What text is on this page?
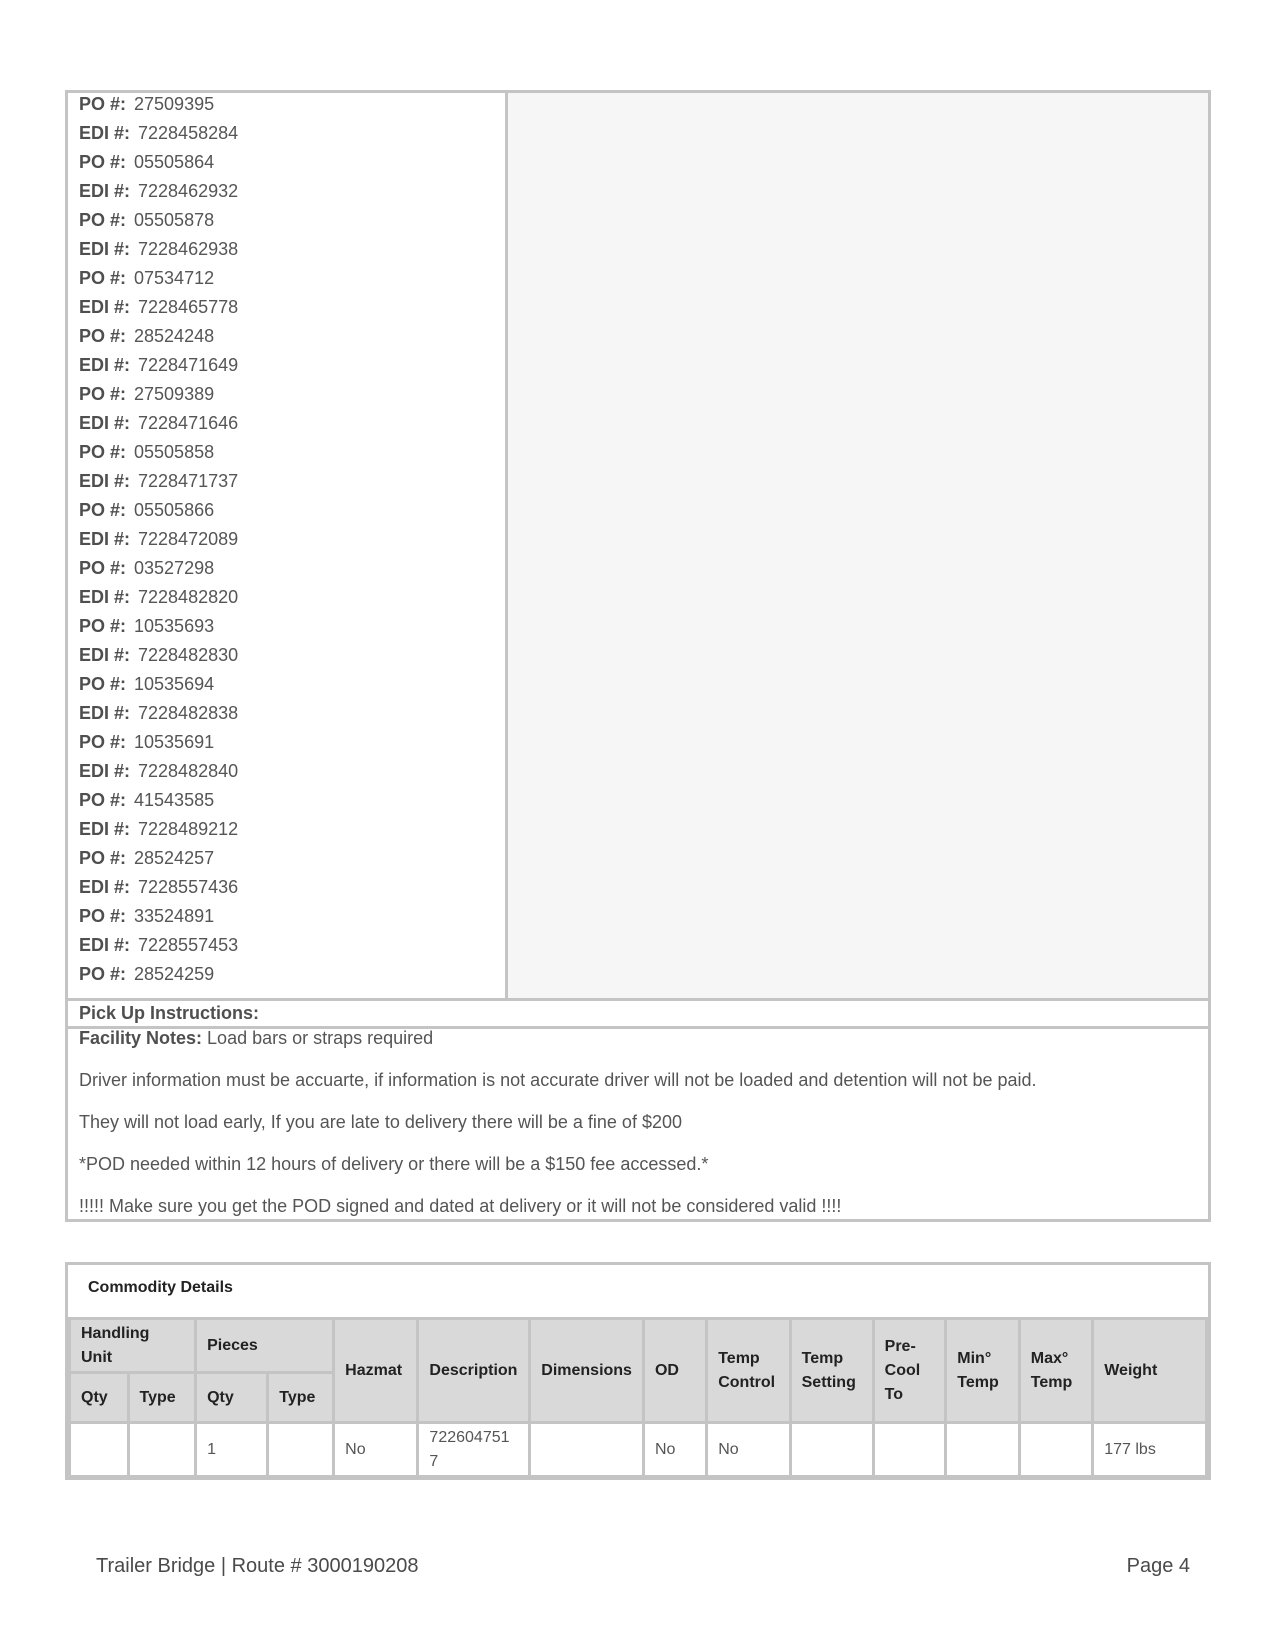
PO #: 27509395
EDI #: 7228458284
PO #: 05505864
EDI #: 7228462932
PO #: 05505878
EDI #: 7228462938
PO #: 07534712
EDI #: 7228465778
PO #: 28524248
EDI #: 7228471649
PO #: 27509389
EDI #: 7228471646
PO #: 05505858
EDI #: 7228471737
PO #: 05505866
EDI #: 7228472089
PO #: 03527298
EDI #: 7228482820
PO #: 10535693
EDI #: 7228482830
PO #: 10535694
EDI #: 7228482838
PO #: 10535691
EDI #: 7228482840
PO #: 41543585
EDI #: 7228489212
PO #: 28524257
EDI #: 7228557436
PO #: 33524891
EDI #: 7228557453
PO #: 28524259
Pick Up Instructions:

Facility Notes: Load bars or straps required

Driver information must be accuarte, if information is not accurate driver will not be loaded and detention will not be paid.

They will not load early, If you are late to delivery there will be a fine of $200

*POD needed within 12 hours of delivery or there will be a $150 fee accessed.*

!!!!! Make sure you get the POD signed and dated at delivery or it will not be considered valid !!!!

Commodity Details
Handling Unit		Pieces		Hazmat	Description	Dimensions	OD	Temp Control	Temp Setting	Pre-Cool To	Min° Temp	Max° Temp	Weight
Qty	Type	Qty	Type										
		1		No	7226047517		No	No					177 lbs
Trailer Bridge | Route # 3000190208	Page 4
